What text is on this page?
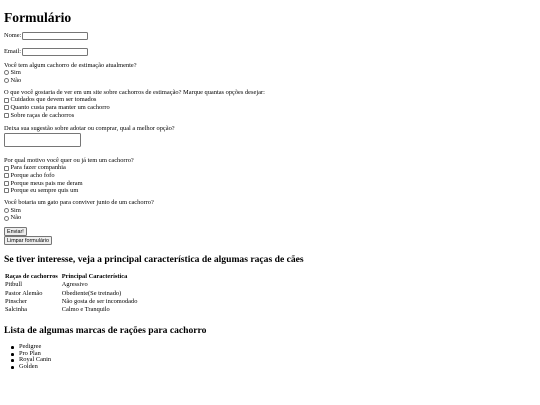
Formulário
Nome:
Email:
Você tem algum cachorro de estimação atualmente?
Sim
Não
O que você gostaria de ver em um site sobre cachorros de estimação? Marque quantas opções desejar:
Cuidados que devem ser tomados
Quanto custa para manter um cachorro
Sobre raças de cachorros
Deixa sua sugestão sobre adotar ou comprar, qual a melhor opção?
Por qual motivo você quer ou já tem um cachorro?
Para fazer companhia
Porque acho fofo
Porque meus pais me deram
Porque eu sempre quis um
Você botaria um gato para conviver junto de um cachorro?
Sim
Não
Enviar!
Limpar formulário
Se tiver interesse, veja a principal característica de algumas raças de cães
Raças de cachorros	Principal Característica
Pitbull	Agressivo
Pastor Alemão	Obediente(Se treinado)
Pinscher	Não gosta de ser incomodado
Salcinha	Calmo e Tranquilo
Lista de algumas marcas de rações para cachorro
Pedigree
Pro Plan
Royal Canin
Golden
